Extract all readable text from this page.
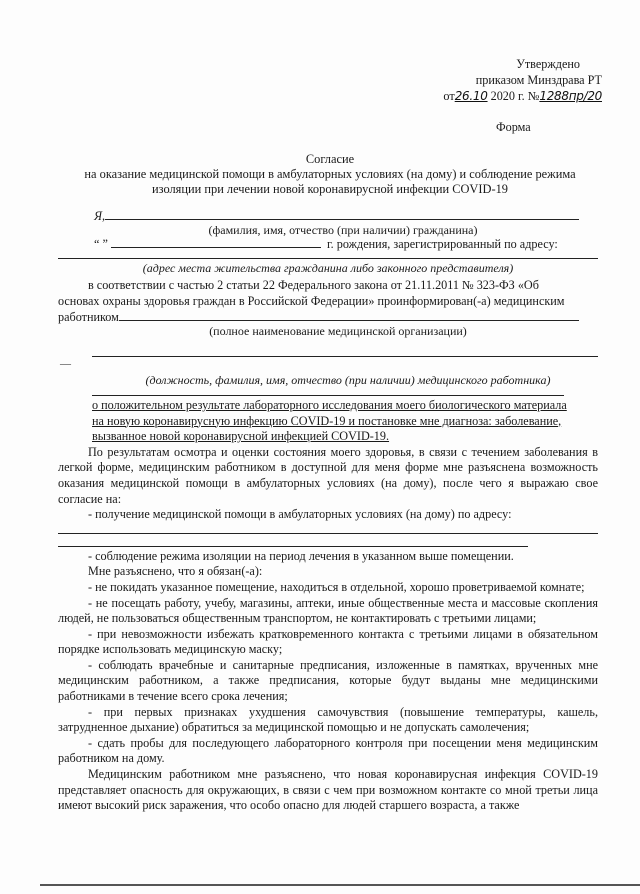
Утверждено
приказом Минздрава РТ
от26.10 2020 г. №1288пр/20
Форма
Согласие
на оказание медицинской помощи в амбулаторных условиях (на дому) и соблюдение режима
изоляции при лечении новой коронавирусной инфекции COVID-19
Я,
(фамилия, имя, отчество (при наличии) гражданина)
“ ”	г. рождения, зарегистрированный по адресу:
(адрес места жительства гражданина либо законного представителя)

в соответствии с частью 2 статьи 22 Федерального закона от 21.11.2011 № 323-ФЗ «Об

основах охраны здоровья граждан в Российской Федерации» проинформирован(-а) медицинским

работником
(полное наименование медицинской организации)
—
(должность, фамилия, имя, отчество (при наличии) медицинского работника)

о положительном результате лабораторного исследования моего биологического материала

на новую коронавирусную инфекцию COVID-19 и постановке мне диагноза: заболевание,

вызванное новой коронавирусной инфекцией COVID-19.

По результатам осмотра и оценки состояния моего здоровья, в связи с течением заболевания в легкой форме, медицинским работником в доступной для меня форме мне разъяснена возможность оказания медицинской помощи в амбулаторных условиях (на дому), после чего я выражаю свое согласие на:

- получение медицинской помощи в амбулаторных условиях (на дому) по адресу:

- соблюдение режима изоляции на период лечения в указанном выше помещении.

Мне разъяснено, что я обязан(-а):

- не покидать указанное помещение, находиться в отдельной, хорошо проветриваемой комнате;

- не посещать работу, учебу, магазины, аптеки, иные общественные места и массовые скопления людей, не пользоваться общественным транспортом, не контактировать с третьими лицами;

- при невозможности избежать кратковременного контакта с третьими лицами в обязательном порядке использовать медицинскую маску;

- соблюдать врачебные и санитарные предписания, изложенные в памятках, врученных мне медицинским работником, а также предписания, которые будут выданы мне медицинскими работниками в течение всего срока лечения;

- при первых признаках ухудшения самочувствия (повышение температуры, кашель, затрудненное дыхание) обратиться за медицинской помощью и не допускать самолечения;

- сдать пробы для последующего лабораторного контроля при посещении меня медицинским работником на дому.

Медицинским работником мне разъяснено, что новая коронавирусная инфекция COVID-19 представляет опасность для окружающих, в связи с чем при возможном контакте со мной третьи лица имеют высокий риск заражения, что особо опасно для людей старшего возраста, а также
